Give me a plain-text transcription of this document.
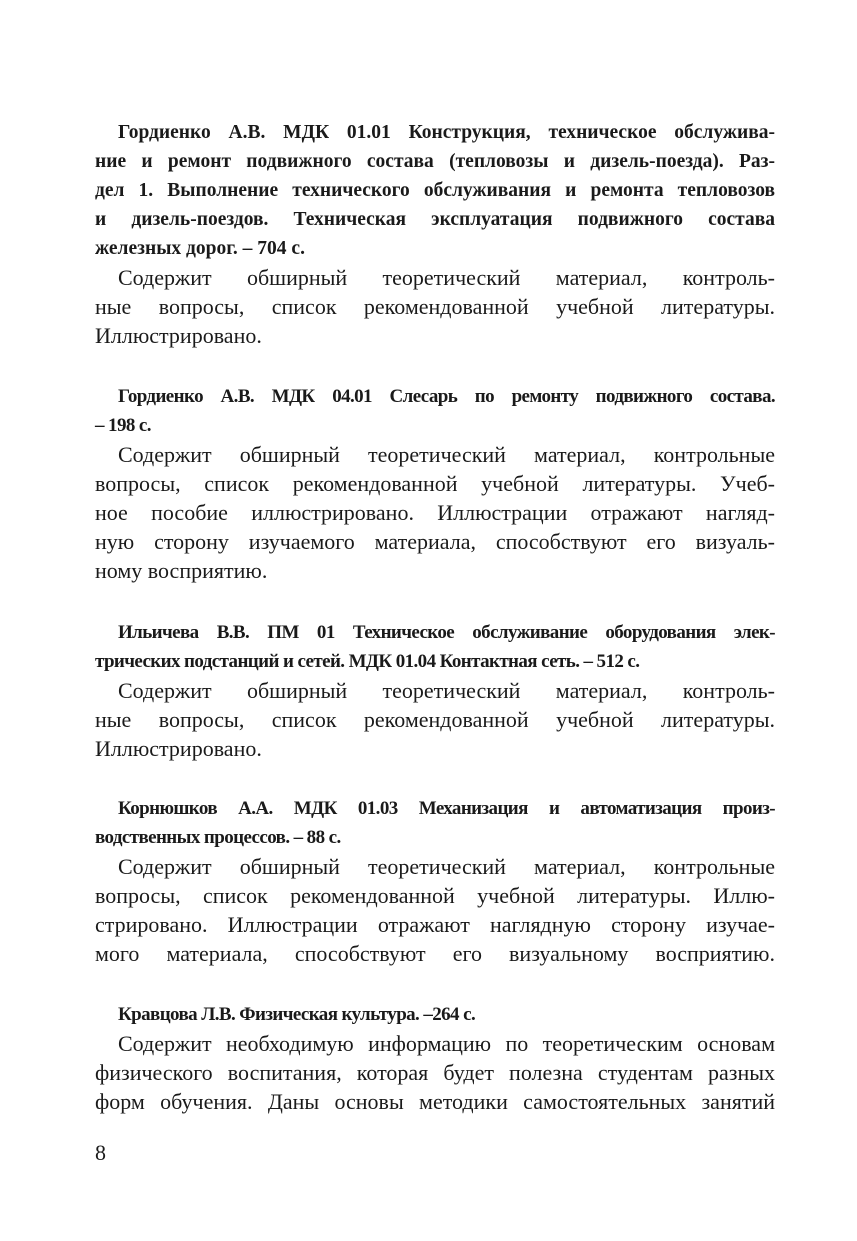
8
Гордиенко А.В. МДК 01.01 Конструкция, техническое обслужива-
ние и ремонт подвижного состава (тепловозы и дизель-поезда). Раз-
дел 1. Выполнение технического обслуживания и ремонта тепловозов
и дизель-поездов. Техническая эксплуатация подвижного состава
железных дорог. – 704 с.
Содержит обширный теоретический материал, контроль-
ные вопросы, список рекомендованной учебной литературы.
Иллюстрировано.
Гордиенко А.В. МДК 04.01 Слесарь по ремонту подвижного состава.
– 198 с.
Содержит обширный теоретический материал, контрольные
вопросы, список рекомендованной учебной литературы. Учеб-
ное пособие иллюстрировано. Иллюстрации отражают нагляд-
ную сторону изучаемого материала, способствуют его визуаль-
ному восприятию.
Ильичева В.В. ПМ 01 Техническое обслуживание оборудования элек-
трических подстанций и сетей. МДК 01.04 Контактная сеть. – 512 с.
Содержит обширный теоретический материал, контроль-
ные вопросы, список рекомендованной учебной литературы.
Иллюстрировано.
Корнюшков А.А. МДК 01.03 Механизация и автоматизация произ-
водственных процессов. – 88 с.
Содержит обширный теоретический материал, контрольные
вопросы, список рекомендованной учебной литературы. Иллю-
стрировано. Иллюстрации отражают наглядную сторону изучае-
мого материала, способствуют его визуальному восприятию.
Кравцова Л.В. Физическая культура. –264 с.
Содержит необходимую информацию по теоретическим основам
физического воспитания, которая будет полезна студентам разных
форм обучения. Даны основы методики самостоятельных занятий
